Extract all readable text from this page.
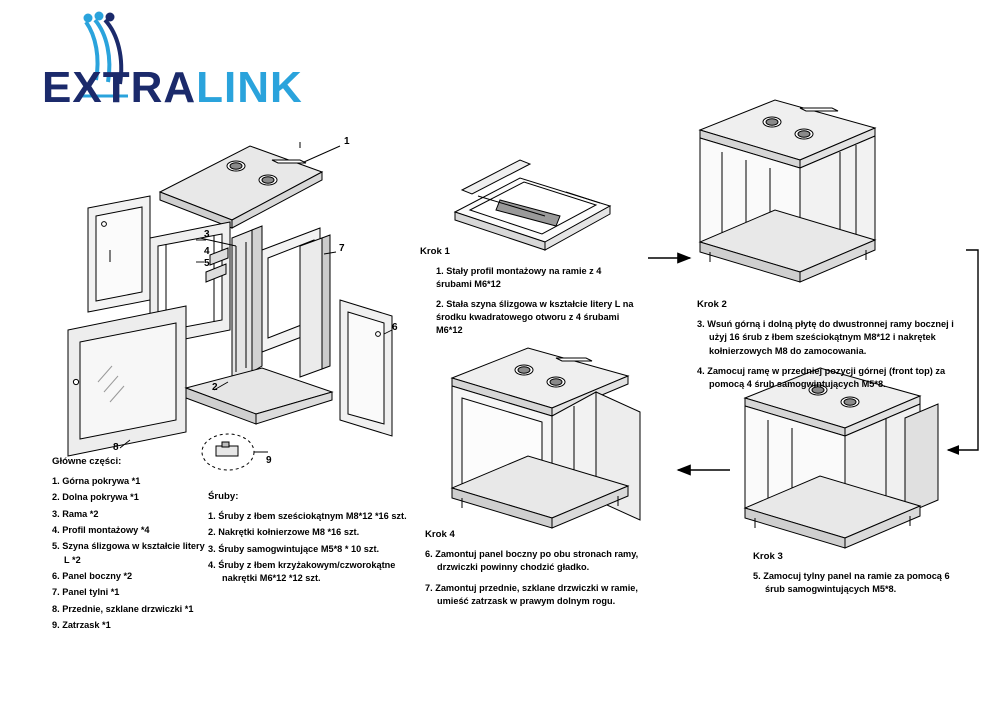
EXTRALINK
1
2
3
4
5
6
7
8
9
Główne części:
1. Górna pokrywa *1
2. Dolna pokrywa *1
3. Rama *2
4. Profil montażowy *4
5. Szyna ślizgowa w kształcie litery L *2
6. Panel boczny *2
7. Panel tylni *1
8. Przednie, szklane drzwiczki *1
9. Zatrzask *1
Śruby:
1. Śruby z łbem sześciokątnym M8*12 *16 szt.
2. Nakrętki kołnierzowe M8 *16 szt.
3. Śruby samogwintujące M5*8 * 10 szt.
4. Śruby z łbem krzyżakowym/czworokątne nakrętki M6*12 *12 szt.
Krok 1
1. Stały profil montażowy na ramie z 4 śrubami M6*12
2. Stała szyna ślizgowa w kształcie litery L na środku kwadratowego otworu z 4 śrubami M6*12
Krok 2
3. Wsuń górną i dolną płytę do dwustronnej ramy bocznej i użyj 16 śrub z łbem sześciokątnym M8*12 i nakrętek kołnierzowych M8 do zamocowania.
4. Zamocuj ramę w przedniej pozycji górnej (front top) za pomocą 4 śrub samogwintujących M5*8.
Krok 3
5. Zamocuj tylny panel na ramie za pomocą 6 śrub samogwintujących M5*8.
Krok 4
6. Zamontuj panel boczny po obu stronach ramy, drzwiczki powinny chodzić gładko.
7. Zamontuj przednie, szklane drzwiczki w ramie, umieść zatrzask w prawym dolnym rogu.
